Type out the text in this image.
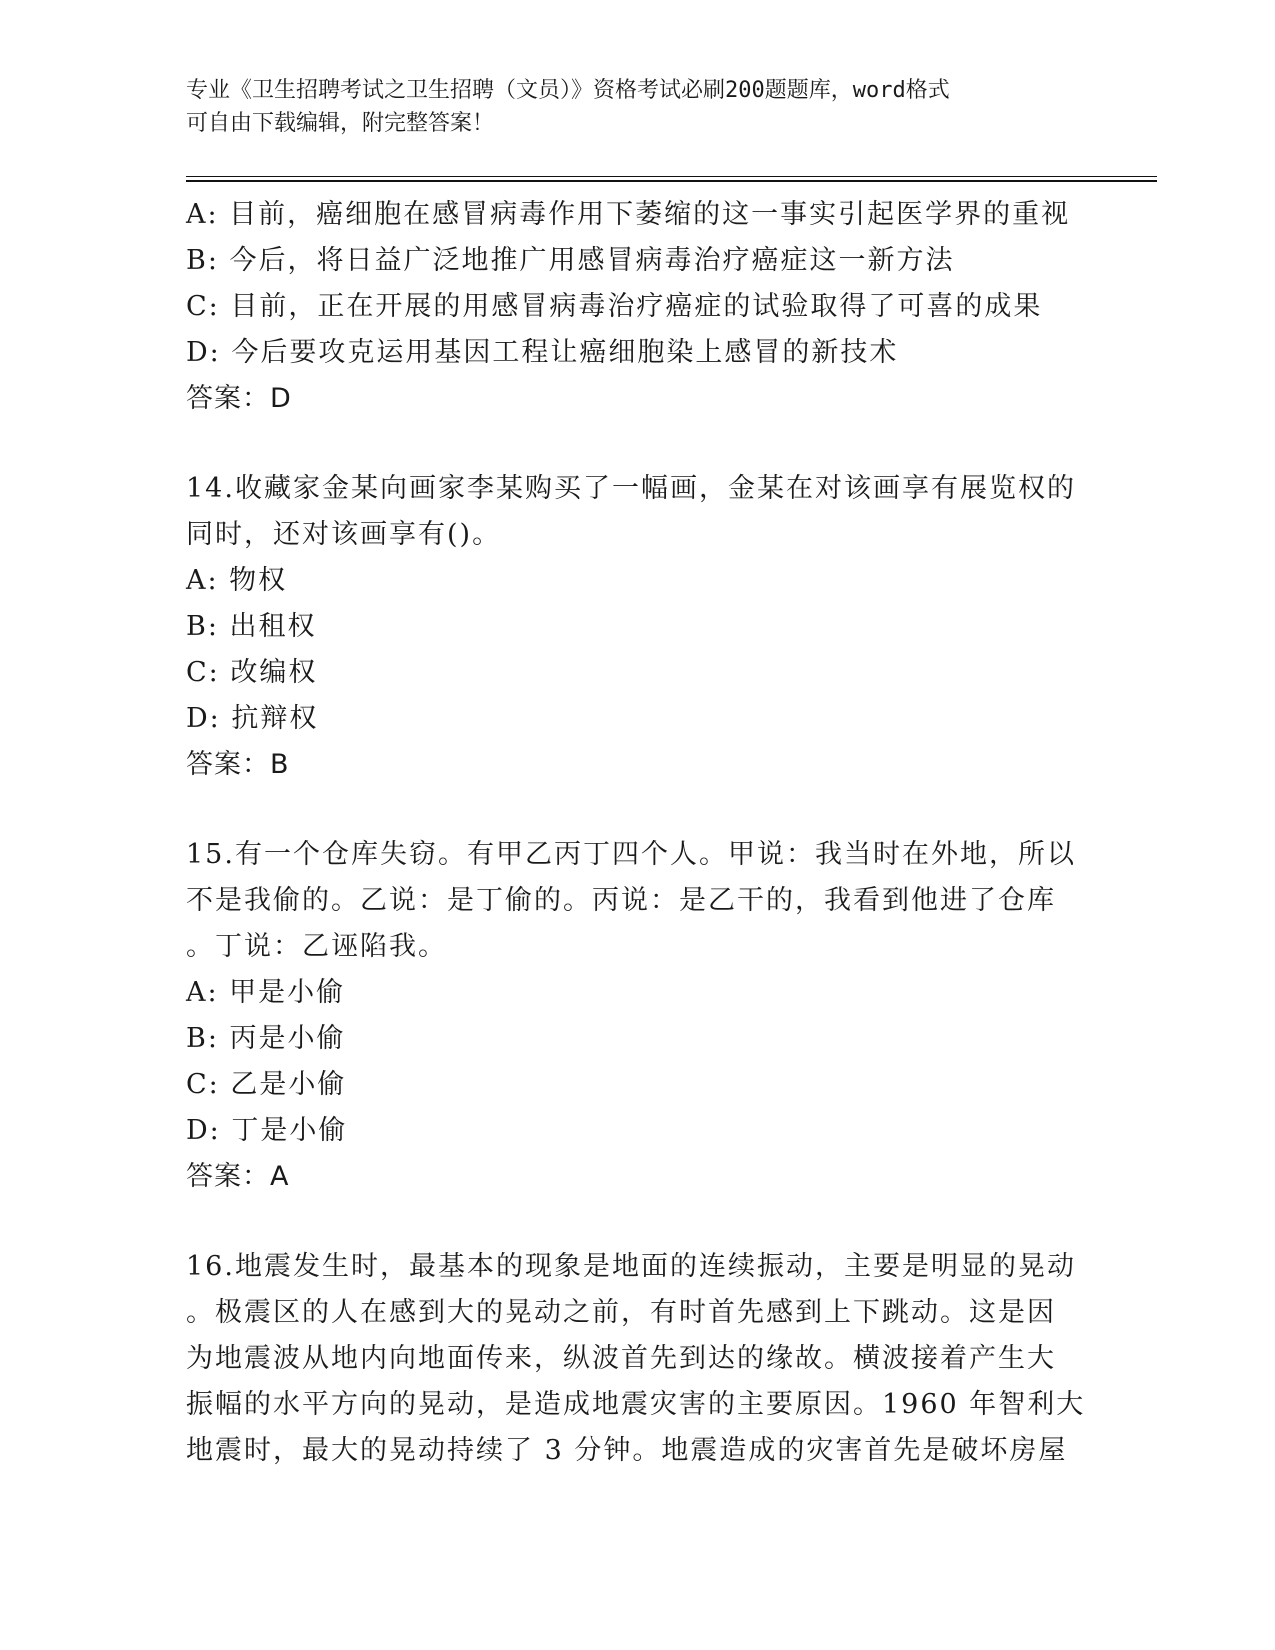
专业《卫生招聘考试之卫生招聘（文员）》资格考试必刷200题题库，word格式
可自由下载编辑，附完整答案！
A: 目前，癌细胞在感冒病毒作用下萎缩的这一事实引起医学界的重视
B: 今后，将日益广泛地推广用感冒病毒治疗癌症这一新方法
C: 目前，正在开展的用感冒病毒治疗癌症的试验取得了可喜的成果
D: 今后要攻克运用基因工程让癌细胞染上感冒的新技术
答案：D
14.收藏家金某向画家李某购买了一幅画，金某在对该画享有展览权的
同时，还对该画享有()。
A: 物权
B: 出租权
C: 改编权
D: 抗辩权
答案：B
15.有一个仓库失窃。有甲乙丙丁四个人。甲说：我当时在外地，所以
不是我偷的。乙说：是丁偷的。丙说：是乙干的，我看到他进了仓库
。丁说：乙诬陷我。
A: 甲是小偷
B: 丙是小偷
C: 乙是小偷
D: 丁是小偷
答案：A
16.地震发生时，最基本的现象是地面的连续振动，主要是明显的晃动
。极震区的人在感到大的晃动之前，有时首先感到上下跳动。这是因
为地震波从地内向地面传来，纵波首先到达的缘故。横波接着产生大
振幅的水平方向的晃动，是造成地震灾害的主要原因。1960 年智利大
地震时，最大的晃动持续了 3 分钟。地震造成的灾害首先是破坏房屋
